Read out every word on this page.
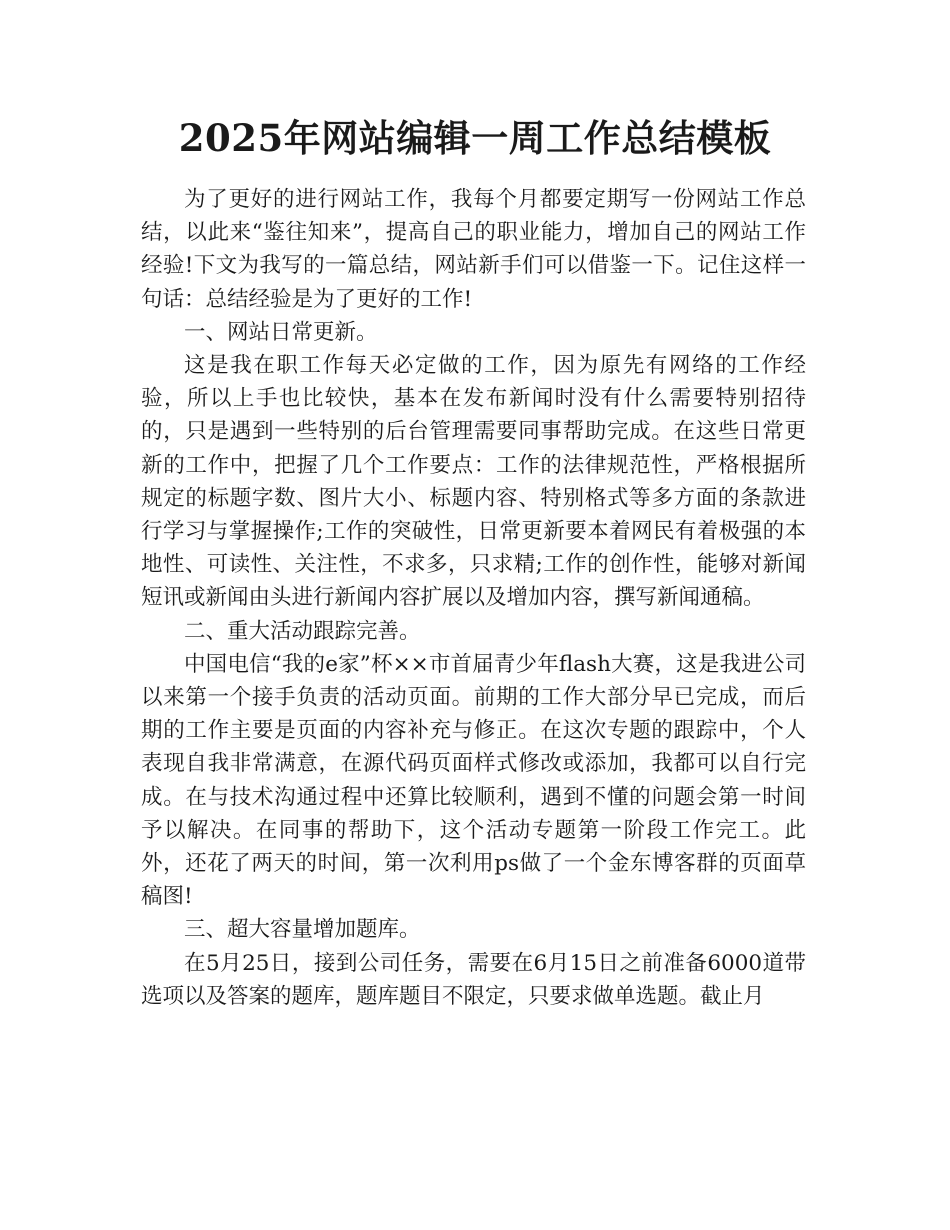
2025年网站编辑一周工作总结模板

为了更好的进行网站工作，我每个月都要定期写一份网站工作总结，以此来“鉴往知来”，提高自己的职业能力，增加自己的网站工作经验!下文为我写的一篇总结，网站新手们可以借鉴一下。记住这样一句话：总结经验是为了更好的工作!

一、网站日常更新。

这是我在职工作每天必定做的工作，因为原先有网络的工作经验，所以上手也比较快，基本在发布新闻时没有什么需要特别招待的，只是遇到一些特别的后台管理需要同事帮助完成。在这些日常更新的工作中，把握了几个工作要点：工作的法律规范性，严格根据所规定的标题字数、图片大小、标题内容、特别格式等多方面的条款进行学习与掌握操作;工作的突破性，日常更新要本着网民有着极强的本地性、可读性、关注性，不求多，只求精;工作的创作性，能够对新闻短讯或新闻由头进行新闻内容扩展以及增加内容，撰写新闻通稿。

二、重大活动跟踪完善。

中国电信“我的e家”杯××市首届青少年flash大赛，这是我进公司以来第一个接手负责的活动页面。前期的工作大部分早已完成，而后期的工作主要是页面的内容补充与修正。在这次专题的跟踪中，个人表现自我非常满意，在源代码页面样式修改或添加，我都可以自行完成。在与技术沟通过程中还算比较顺利，遇到不懂的问题会第一时间予以解决。在同事的帮助下，这个活动专题第一阶段工作完工。此外，还花了两天的时间，第一次利用ps做了一个金东博客群的页面草稿图!

三、超大容量增加题库。

在5月25日，接到公司任务，需要在6月15日之前准备6000道带选项以及答案的题库，题库题目不限定，只要求做单选题。截止月
